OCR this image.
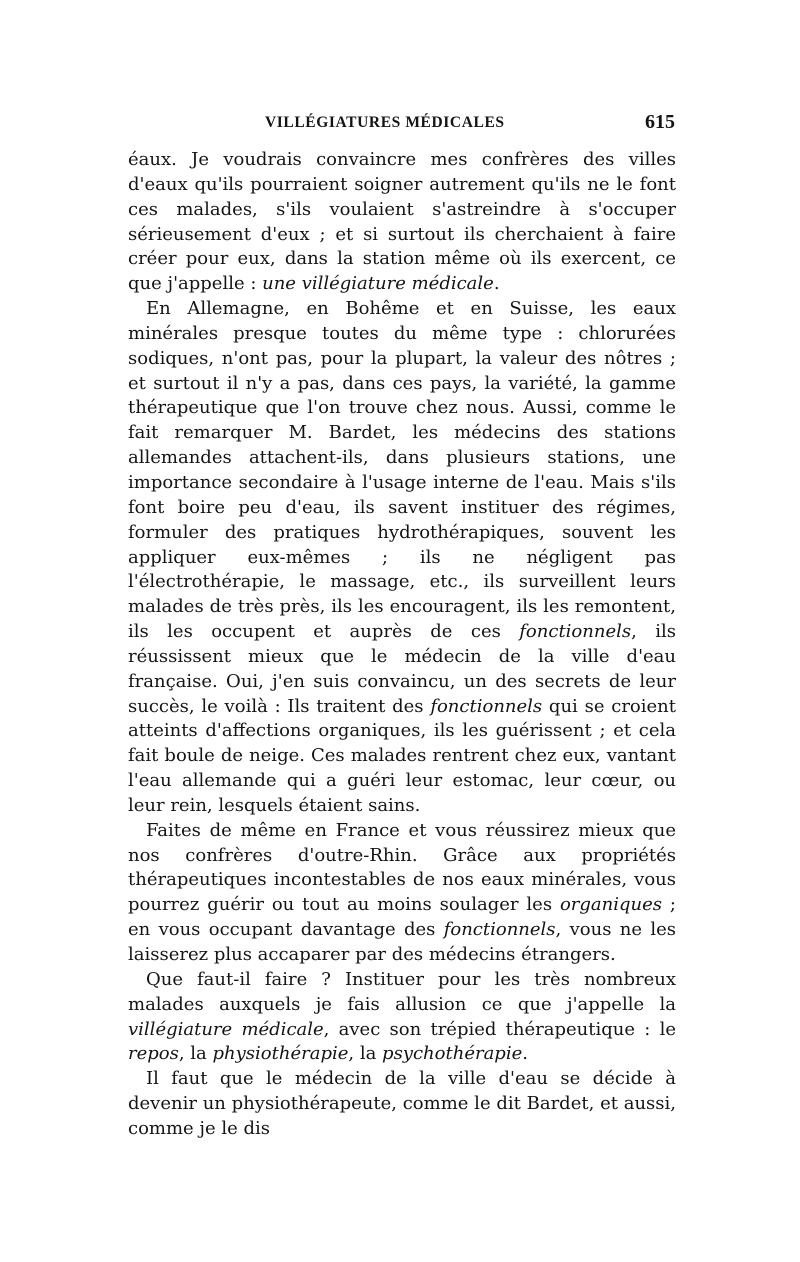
VILLÉGIATURES MÉDICALES	615

éaux. Je voudrais convaincre mes confrères des villes d'eaux qu'ils pourraient soigner autrement qu'ils ne le font ces malades, s'ils voulaient s'astreindre à s'occuper sérieusement d'eux ; et si surtout ils cherchaient à faire créer pour eux, dans la station même où ils exercent, ce que j'appelle : une villégiature médicale.

En Allemagne, en Bohême et en Suisse, les eaux minérales presque toutes du même type : chlorurées sodiques, n'ont pas, pour la plupart, la valeur des nôtres ; et surtout il n'y a pas, dans ces pays, la variété, la gamme thérapeutique que l'on trouve chez nous. Aussi, comme le fait remarquer M. Bardet, les médecins des stations allemandes attachent-ils, dans plusieurs stations, une importance secondaire à l'usage interne de l'eau. Mais s'ils font boire peu d'eau, ils savent instituer des régimes, formuler des pratiques hydrothérapiques, souvent les appliquer eux-mêmes ; ils ne négligent pas l'électrothérapie, le massage, etc., ils surveillent leurs malades de très près, ils les encouragent, ils les remontent, ils les occupent et auprès de ces fonctionnels, ils réussissent mieux que le médecin de la ville d'eau française. Oui, j'en suis convaincu, un des secrets de leur succès, le voilà : Ils traitent des fonctionnels qui se croient atteints d'affections organiques, ils les guérissent ; et cela fait boule de neige. Ces malades rentrent chez eux, vantant l'eau allemande qui a guéri leur estomac, leur cœur, ou leur rein, lesquels étaient sains.

Faites de même en France et vous réussirez mieux que nos confrères d'outre-Rhin. Grâce aux propriétés thérapeutiques incontestables de nos eaux minérales, vous pourrez guérir ou tout au moins soulager les organiques ; en vous occupant davantage des fonctionnels, vous ne les laisserez plus accaparer par des médecins étrangers.

Que faut-il faire ? Instituer pour les très nombreux malades auxquels je fais allusion ce que j'appelle la villégiature médicale, avec son trépied thérapeutique : le repos, la physiothérapie, la psychothérapie.

Il faut que le médecin de la ville d'eau se décide à devenir un physiothérapeute, comme le dit Bardet, et aussi, comme je le dis
